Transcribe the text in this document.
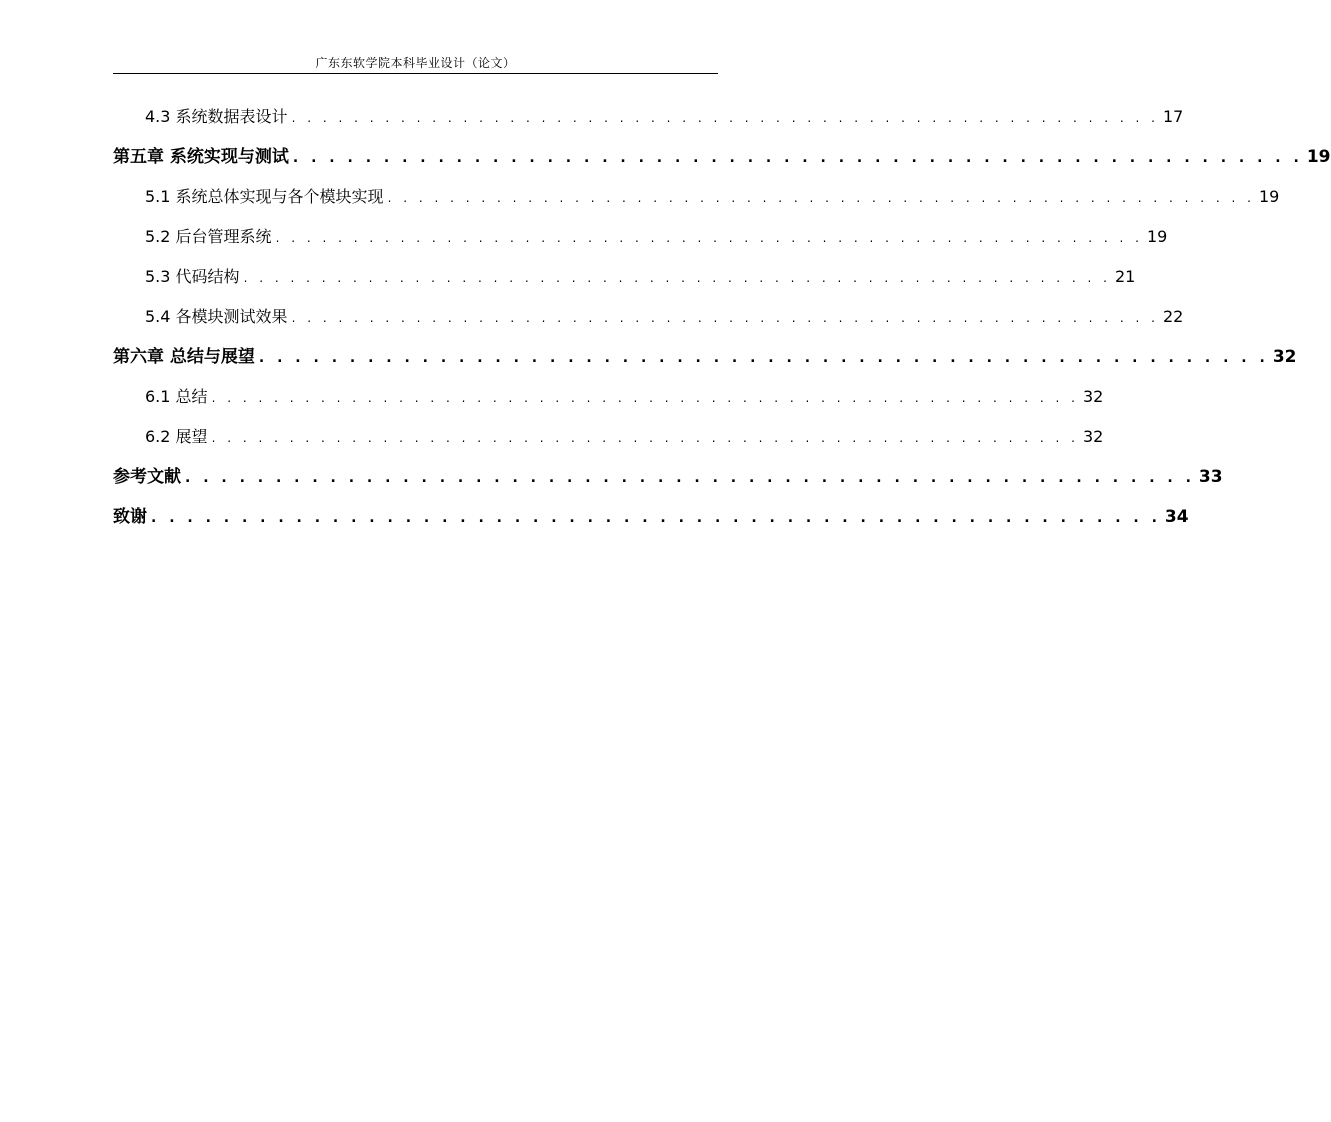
广东东软学院本科毕业设计（论文）
4.3
系统数据表设计 . . . . . . . . . . . . . . . . . . . . . . . . . . . . . . . . . . . . . . . . . . . . . . . . . . . . . . . . 17
第五章 系统实现与测试 . . . . . . . . . . . . . . . . . . . . . . . . . . . . . . . . . . . . . . . . . . . . . . . . . . . . . . . . 19
5.1
系统总体实现与各个模块实现 . . . . . . . . . . . . . . . . . . . . . . . . . . . . . . . . . . . . . . . . . . . . . . . . . . . . . . . . 19
5.2
后台管理系统 . . . . . . . . . . . . . . . . . . . . . . . . . . . . . . . . . . . . . . . . . . . . . . . . . . . . . . . . 19
5.3
代码结构 . . . . . . . . . . . . . . . . . . . . . . . . . . . . . . . . . . . . . . . . . . . . . . . . . . . . . . . . 21
5.4
各模块测试效果 . . . . . . . . . . . . . . . . . . . . . . . . . . . . . . . . . . . . . . . . . . . . . . . . . . . . . . . . 22
第六章 总结与展望 . . . . . . . . . . . . . . . . . . . . . . . . . . . . . . . . . . . . . . . . . . . . . . . . . . . . . . . . 32
6.1
总结 . . . . . . . . . . . . . . . . . . . . . . . . . . . . . . . . . . . . . . . . . . . . . . . . . . . . . . . . 32
6.2
展望 . . . . . . . . . . . . . . . . . . . . . . . . . . . . . . . . . . . . . . . . . . . . . . . . . . . . . . . . 32
参考文献 . . . . . . . . . . . . . . . . . . . . . . . . . . . . . . . . . . . . . . . . . . . . . . . . . . . . . . . . 33
致谢 . . . . . . . . . . . . . . . . . . . . . . . . . . . . . . . . . . . . . . . . . . . . . . . . . . . . . . . . 34
